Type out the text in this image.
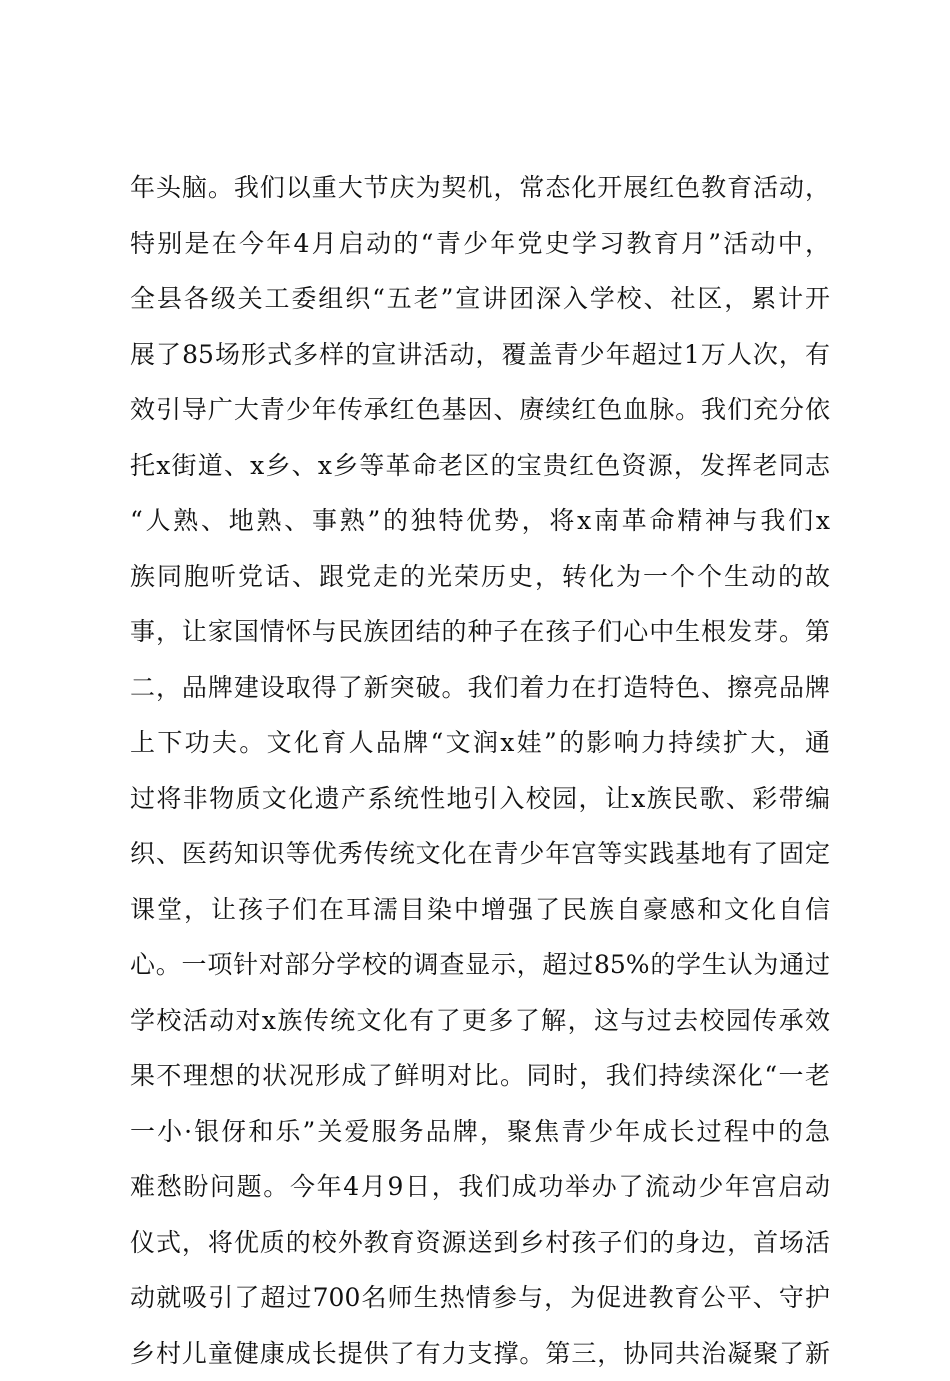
年头脑。我们以重大节庆为契机，常态化开展红色教育活动，
特别是在今年4月启动的“青少年党史学习教育月”活动中，
全县各级关工委组织“五老”宣讲团深入学校、社区，累计开
展了85场形式多样的宣讲活动，覆盖青少年超过1万人次，有
效引导广大青少年传承红色基因、赓续红色血脉。我们充分依
托x街道、x乡、x乡等革命老区的宝贵红色资源，发挥老同志
“人熟、地熟、事熟”的独特优势，将x南革命精神与我们x
族同胞听党话、跟党走的光荣历史，转化为一个个生动的故
事，让家国情怀与民族团结的种子在孩子们心中生根发芽。第
二，品牌建设取得了新突破。我们着力在打造特色、擦亮品牌
上下功夫。文化育人品牌“文润x娃”的影响力持续扩大，通
过将非物质文化遗产系统性地引入校园，让x族民歌、彩带编
织、医药知识等优秀传统文化在青少年宫等实践基地有了固定
课堂，让孩子们在耳濡目染中增强了民族自豪感和文化自信
心。一项针对部分学校的调查显示，超过85%的学生认为通过
学校活动对x族传统文化有了更多了解，这与过去校园传承效
果不理想的状况形成了鲜明对比。同时，我们持续深化“一老
一小·银伢和乐”关爱服务品牌，聚焦青少年成长过程中的急
难愁盼问题。今年4月9日，我们成功举办了流动少年宫启动
仪式，将优质的校外教育资源送到乡村孩子们的身边，首场活
动就吸引了超过700名师生热情参与，为促进教育公平、守护
乡村儿童健康成长提供了有力支撑。第三，协同共治凝聚了新
